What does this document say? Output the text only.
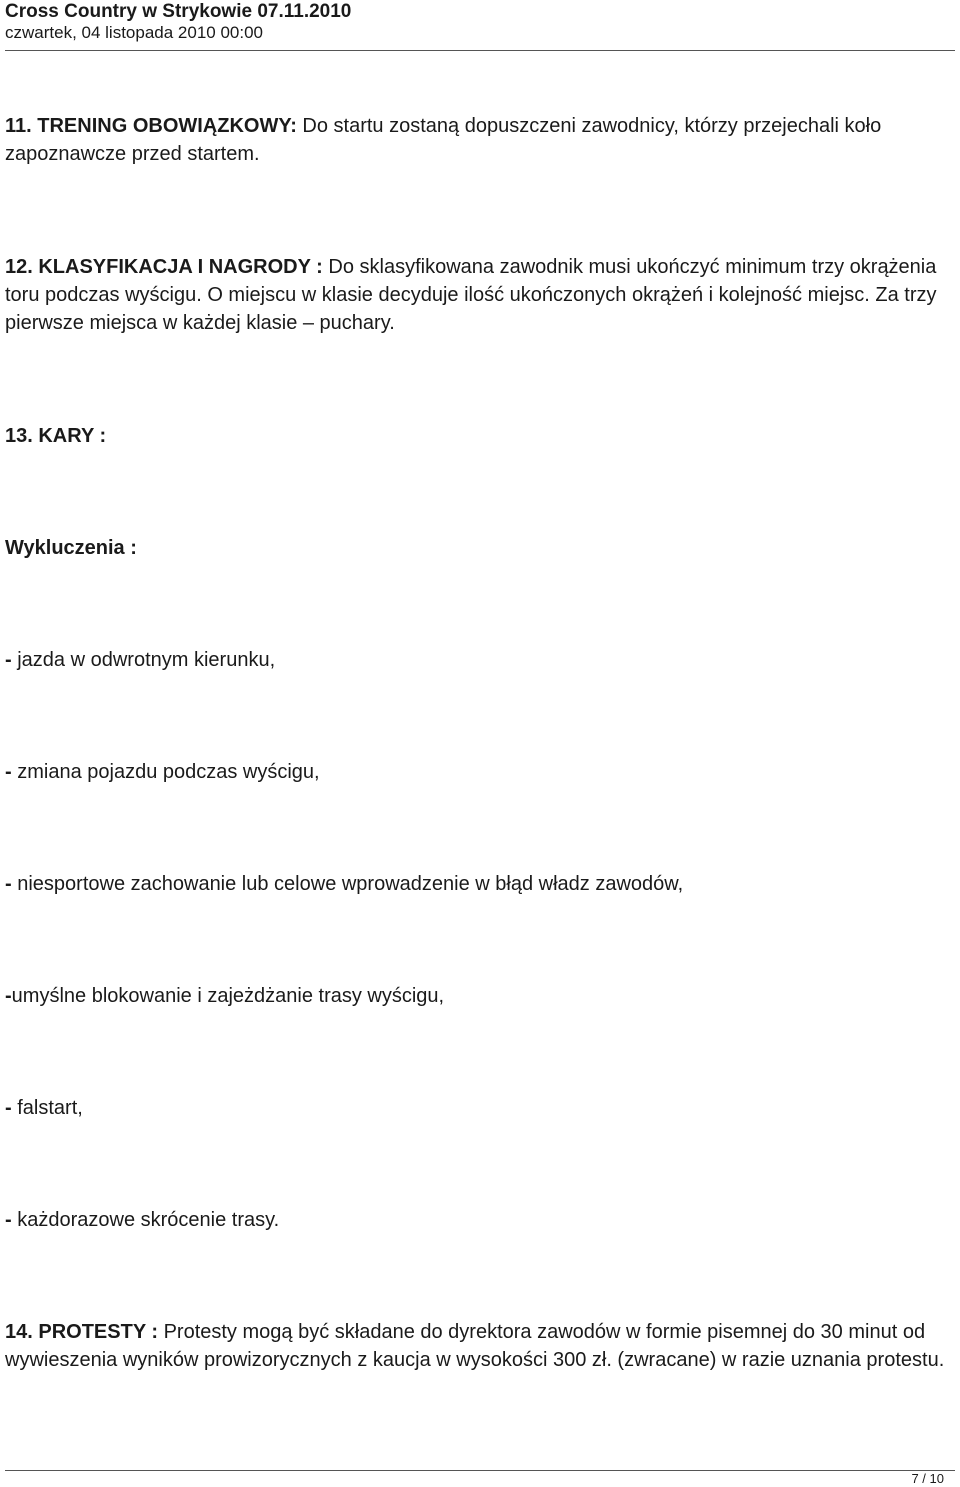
Cross Country w Strykowie 07.11.2010
czwartek, 04 listopada 2010 00:00

11. TRENING OBOWIĄZKOWY: Do startu zostaną dopuszczeni zawodnicy, którzy przejechali koło zapoznawcze przed startem.

12. KLASYFIKACJA I NAGRODY : Do sklasyfikowana zawodnik musi ukończyć minimum trzy okrążenia toru podczas wyścigu. O miejscu w klasie decyduje ilość ukończonych okrążeń i kolejność miejsc. Za trzy pierwsze miejsca w każdej klasie – puchary.

13. KARY :

Wykluczenia :

- jazda w odwrotnym kierunku,

- zmiana pojazdu podczas wyścigu,

- niesportowe zachowanie lub celowe wprowadzenie w błąd władz zawodów,

-umyślne blokowanie i zajeżdżanie trasy wyścigu,

- falstart,

- każdorazowe skrócenie trasy.

14. PROTESTY : Protesty mogą być składane do dyrektora zawodów w formie pisemnej do 30 minut od wywieszenia wyników prowizorycznych z kaucja w wysokości 300 zł. (zwracane) w razie uznania protestu.

7 / 10
